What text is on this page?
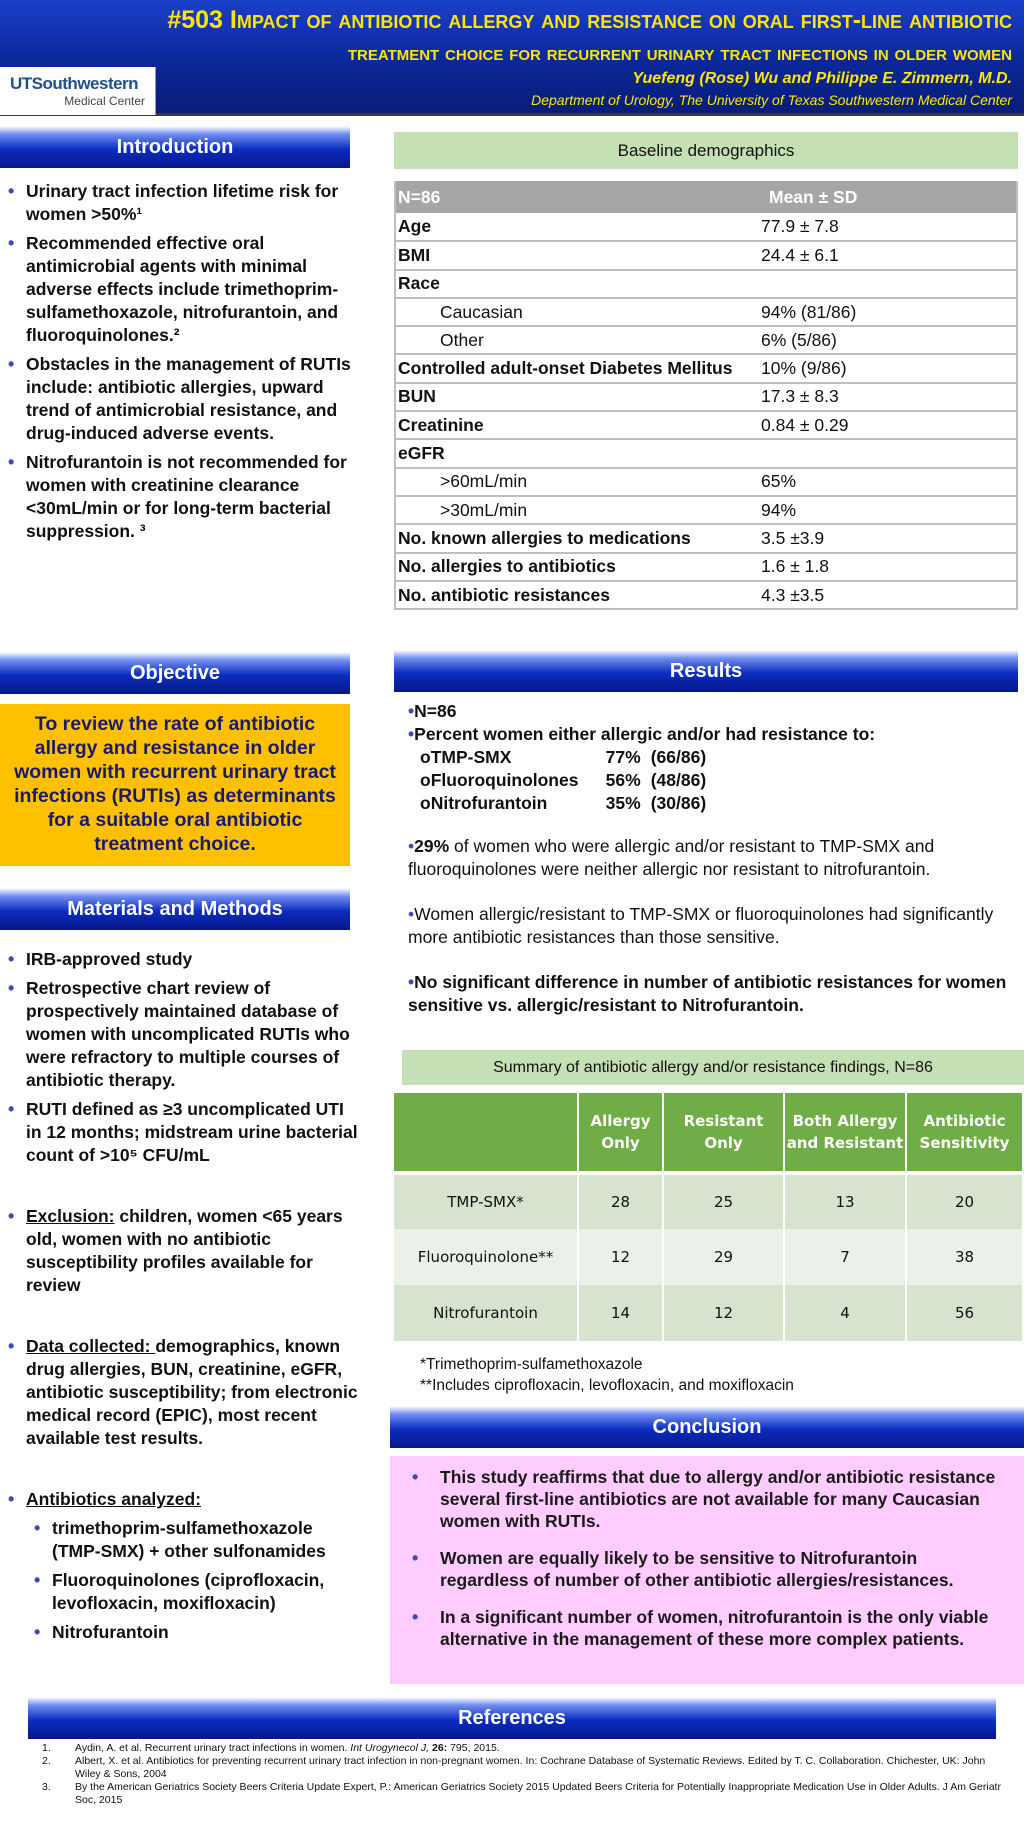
#503 Impact of antibiotic allergy and resistance on oral first-line antibiotic
treatment choice for recurrent urinary tract infections in older women
Yuefeng (Rose) Wu and Philippe E. Zimmern, M.D.
Department of Urology, The University of Texas Southwestern Medical Center
UTSouthwestern
Medical Center
Introduction
• Urinary tract infection lifetime risk for women >50%¹
• Recommended effective oral antimicrobial agents with minimal adverse effects include trimethoprim-sulfamethoxazole, nitrofurantoin, and fluoroquinolones.²
• Obstacles in the management of RUTIs include: antibiotic allergies, upward trend of antimicrobial resistance, and drug-induced adverse events.
• Nitrofurantoin is not recommended for women with creatinine clearance <30mL/min or for long-term bacterial suppression. ³
Objective
To review the rate of antibiotic allergy and resistance in older women with recurrent urinary tract infections (RUTIs) as determinants for a suitable oral antibiotic treatment choice.
Materials and Methods
• IRB-approved study
• Retrospective chart review of prospectively maintained database of women with uncomplicated RUTIs who were refractory to multiple courses of antibiotic therapy.
• RUTI defined as ≥3 uncomplicated UTI in 12 months; midstream urine bacterial count of >10⁵ CFU/mL
• Exclusion: children, women <65 years old, women with no antibiotic susceptibility profiles available for review
• Data collected: demographics, known drug allergies, BUN, creatinine, eGFR, antibiotic susceptibility; from electronic medical record (EPIC), most recent available test results.
• Antibiotics analyzed:
• trimethoprim-sulfamethoxazole (TMP-SMX) + other sulfonamides
• Fluoroquinolones (ciprofloxacin, levofloxacin, moxifloxacin)
• Nitrofurantoin
Baseline demographics
N=86	Mean ± SD
Age	77.9 ± 7.8
BMI	24.4 ± 6.1
Race	
Caucasian	94% (81/86)
Other	6% (5/86)
Controlled adult-onset Diabetes Mellitus	10% (9/86)
BUN	17.3 ± 8.3
Creatinine	0.84 ± 0.29
eGFR	
>60mL/min	65%
>30mL/min	94%
No. known allergies to medications	3.5 ±3.9
No. allergies to antibiotics	1.6 ± 1.8
No. antibiotic resistances	4.3 ±3.5
Results
•N=86
•Percent women either allergic and/or had resistance to:
oTMP-SMX	77% (66/86)
oFluoroquinolones 56% (48/86)
oNitrofurantoin	35% (30/86)

•29% of women who were allergic and/or resistant to TMP-SMX and fluoroquinolones were neither allergic nor resistant to nitrofurantoin.

•Women allergic/resistant to TMP-SMX or fluoroquinolones had significantly more antibiotic resistances than those sensitive.

•No significant difference in number of antibiotic resistances for women sensitive vs. allergic/resistant to Nitrofurantoin.

Summary of antibiotic allergy and/or resistance findings, N=86
	Allergy Only	Resistant Only	Both Allergy and Resistant	Antibiotic Sensitivity
TMP-SMX*	28	25	13	20
Fluoroquinolone**	12	29	7	38
Nitrofurantoin	14	12	4	56
*Trimethoprim-sulfamethoxazole
**Includes ciprofloxacin, levofloxacin, and moxifloxacin
Conclusion
• This study reaffirms that due to allergy and/or antibiotic resistance several first-line antibiotics are not available for many Caucasian women with RUTIs.
• Women are equally likely to be sensitive to Nitrofurantoin regardless of number of other antibiotic allergies/resistances.
• In a significant number of women, nitrofurantoin is the only viable alternative in the management of these more complex patients.
References
1. Aydin, A. et al. Recurrent urinary tract infections in women. Int Urogynecol J, 26: 795, 2015.
2. Albert, X. et al. Antibiotics for preventing recurrent urinary tract infection in non-pregnant women. In: Cochrane Database of Systematic Reviews. Edited by T. C. Collaboration. Chichester, UK: John Wiley & Sons, 2004
3. By the American Geriatrics Society Beers Criteria Update Expert, P.: American Geriatrics Society 2015 Updated Beers Criteria for Potentially Inappropriate Medication Use in Older Adults. J Am Geriatr Soc, 2015
